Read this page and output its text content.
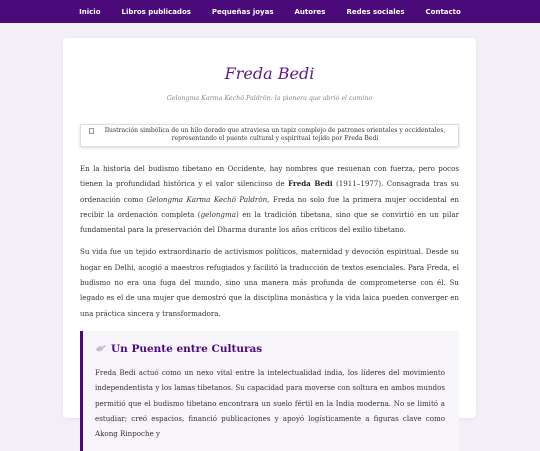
Inicio	Libros publicados	Pequeñas joyas	Autores	Redes sociales	Contacto
Freda Bedi

Gelongma Karma Kechö Paldrön: la pionera que abrió el camino

Ilustración simbólica de un hilo dorado que atraviesa un tapiz complejo de patrones orientales y occidentales, representando el puente cultural y espiritual tejido por Freda Bedi

En la historia del budismo tibetano en Occidente, hay nombres que resuenan con fuerza, pero pocos tienen la profundidad histórica y el valor silencioso de Freda Bedi (1911–1977). Consagrada tras su ordenación como Gelongma Karma Kechö Paldrön, Freda no solo fue la primera mujer occidental en recibir la ordenación completa (gelongma) en la tradición tibetana, sino que se convirtió en un pilar fundamental para la preservación del Dharma durante los años críticos del exilio tibetano.

Su vida fue un tejido extraordinario de activismos políticos, maternidad y devoción espiritual. Desde su hogar en Delhi, acogió a maestros refugiados y facilitó la traducción de textos esenciales. Para Freda, el budismo no era una fuga del mundo, sino una manera más profunda de comprometerse con él. Su legado es el de una mujer que demostró que la disciplina monástica y la vida laica pueden converger en una práctica sincera y transformadora.

Un Puente entre Culturas

Freda Bedi actuó como un nexo vital entre la intelectualidad india, los líderes del movimiento independentista y los lamas tibetanos. Su capacidad para moverse con soltura en ambos mundos permitió que el budismo tibetano encontrara un suelo fértil en la India moderna. No se limitó a estudiar; creó espacios, financió publicaciones y apoyó logísticamente a figuras clave como Akong Rinpoche y
